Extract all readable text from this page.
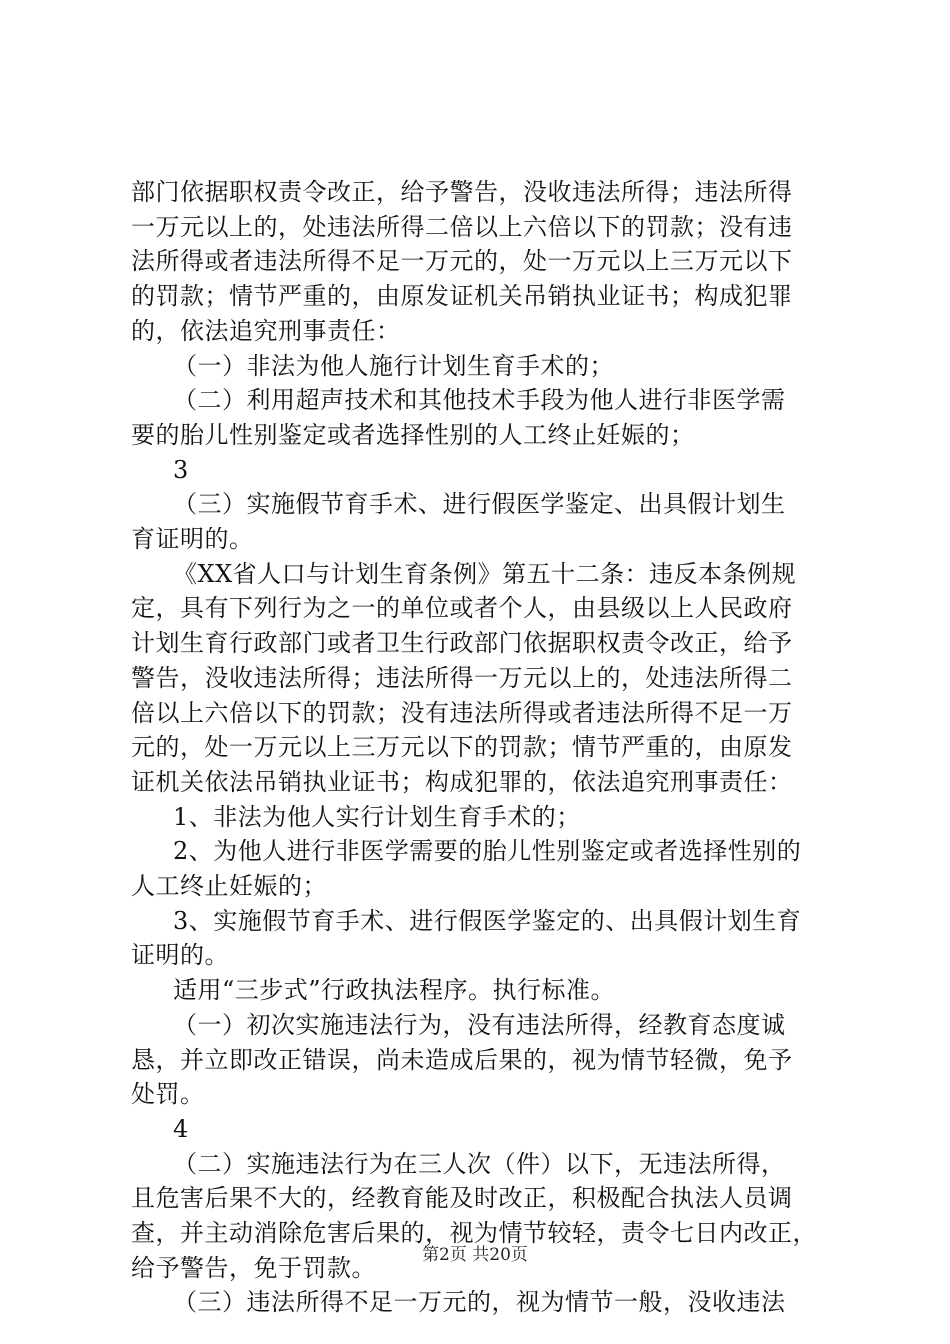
部门依据职权责令改正，给予警告，没收违法所得；违法所得
一万元以上的，处违法所得二倍以上六倍以下的罚款；没有违
法所得或者违法所得不足一万元的，处一万元以上三万元以下
的罚款；情节严重的，由原发证机关吊销执业证书；构成犯罪
的，依法追究刑事责任：
（一）非法为他人施行计划生育手术的；
（二）利用超声技术和其他技术手段为他人进行非医学需
要的胎儿性别鉴定或者选择性别的人工终止妊娠的；
3
（三）实施假节育手术、进行假医学鉴定、出具假计划生
育证明的。
《XX省人口与计划生育条例》第五十二条：违反本条例规
定，具有下列行为之一的单位或者个人，由县级以上人民政府
计划生育行政部门或者卫生行政部门依据职权责令改正，给予
警告，没收违法所得；违法所得一万元以上的，处违法所得二
倍以上六倍以下的罚款；没有违法所得或者违法所得不足一万
元的，处一万元以上三万元以下的罚款；情节严重的，由原发
证机关依法吊销执业证书；构成犯罪的，依法追究刑事责任：
1、非法为他人实行计划生育手术的；
2、为他人进行非医学需要的胎儿性别鉴定或者选择性别的
人工终止妊娠的；
3、实施假节育手术、进行假医学鉴定的、出具假计划生育
证明的。
适用“三步式”行政执法程序。执行标准。
（一）初次实施违法行为，没有违法所得，经教育态度诚
恳，并立即改正错误，尚未造成后果的，视为情节轻微，免予
处罚。
4
（二）实施违法行为在三人次（件）以下，无违法所得，
且危害后果不大的，经教育能及时改正，积极配合执法人员调
查，并主动消除危害后果的，视为情节较轻，责令七日内改正，
给予警告，免于罚款。
（三）违法所得不足一万元的，视为情节一般，没收违法
第2页 共20页
